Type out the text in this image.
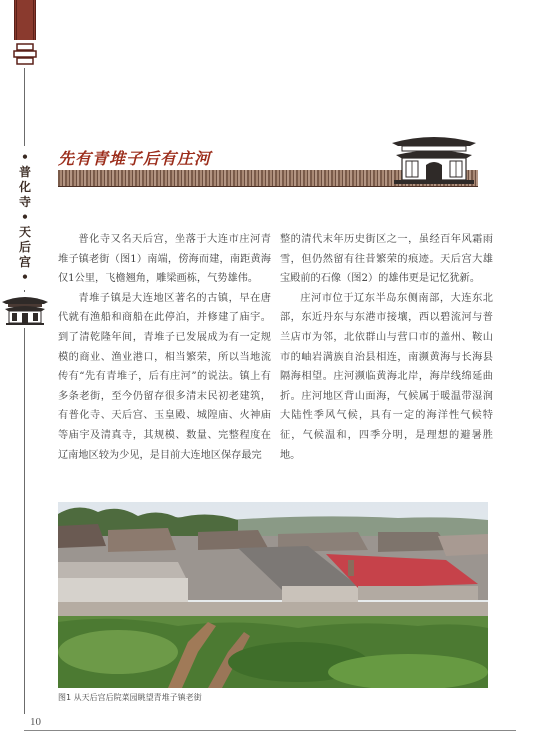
•
普
化
寺
•
天
后
宫
•
10
先有青堆子后有庄河

普化寺又名天后宫，坐落于大连市庄河青堆子镇老街（图1）南端，傍海而建，南距黄海仅1公里，飞檐翘角，雕梁画栋，气势雄伟。

青堆子镇是大连地区著名的古镇，早在唐代就有渔船和商船在此停泊，并修建了庙宇。到了清乾隆年间，青堆子已发展成为有一定规模的商业、渔业港口，相当繁荣，所以当地流传有“先有青堆子，后有庄河”的说法。镇上有多条老街，至今仍留存很多清末民初老建筑，有普化寺、天后宫、玉皇殿、城隍庙、火神庙等庙宇及清真寺，其规模、数量、完整程度在辽南地区较为少见，是目前大连地区保存最完

整的清代末年历史街区之一，虽经百年风霜雨雪，但仍然留有往昔繁荣的痕迹。天后宫大雄宝殿前的石像（图2）的雄伟更是记忆犹新。

庄河市位于辽东半岛东侧南部，大连东北部，东近丹东与东港市接壤，西以碧流河与普兰店市为邻，北依群山与营口市的盖州、鞍山市的岫岩满族自治县相连，南濒黄海与长海县隔海相望。庄河濒临黄海北岸，海岸线绵延曲折。庄河地区背山面海，气候属于暖温带湿润大陆性季风气候，具有一定的海洋性气候特征，气候温和，四季分明，是理想的避暑胜地。

图1 从天后宫后院菜园眺望青堆子镇老街
